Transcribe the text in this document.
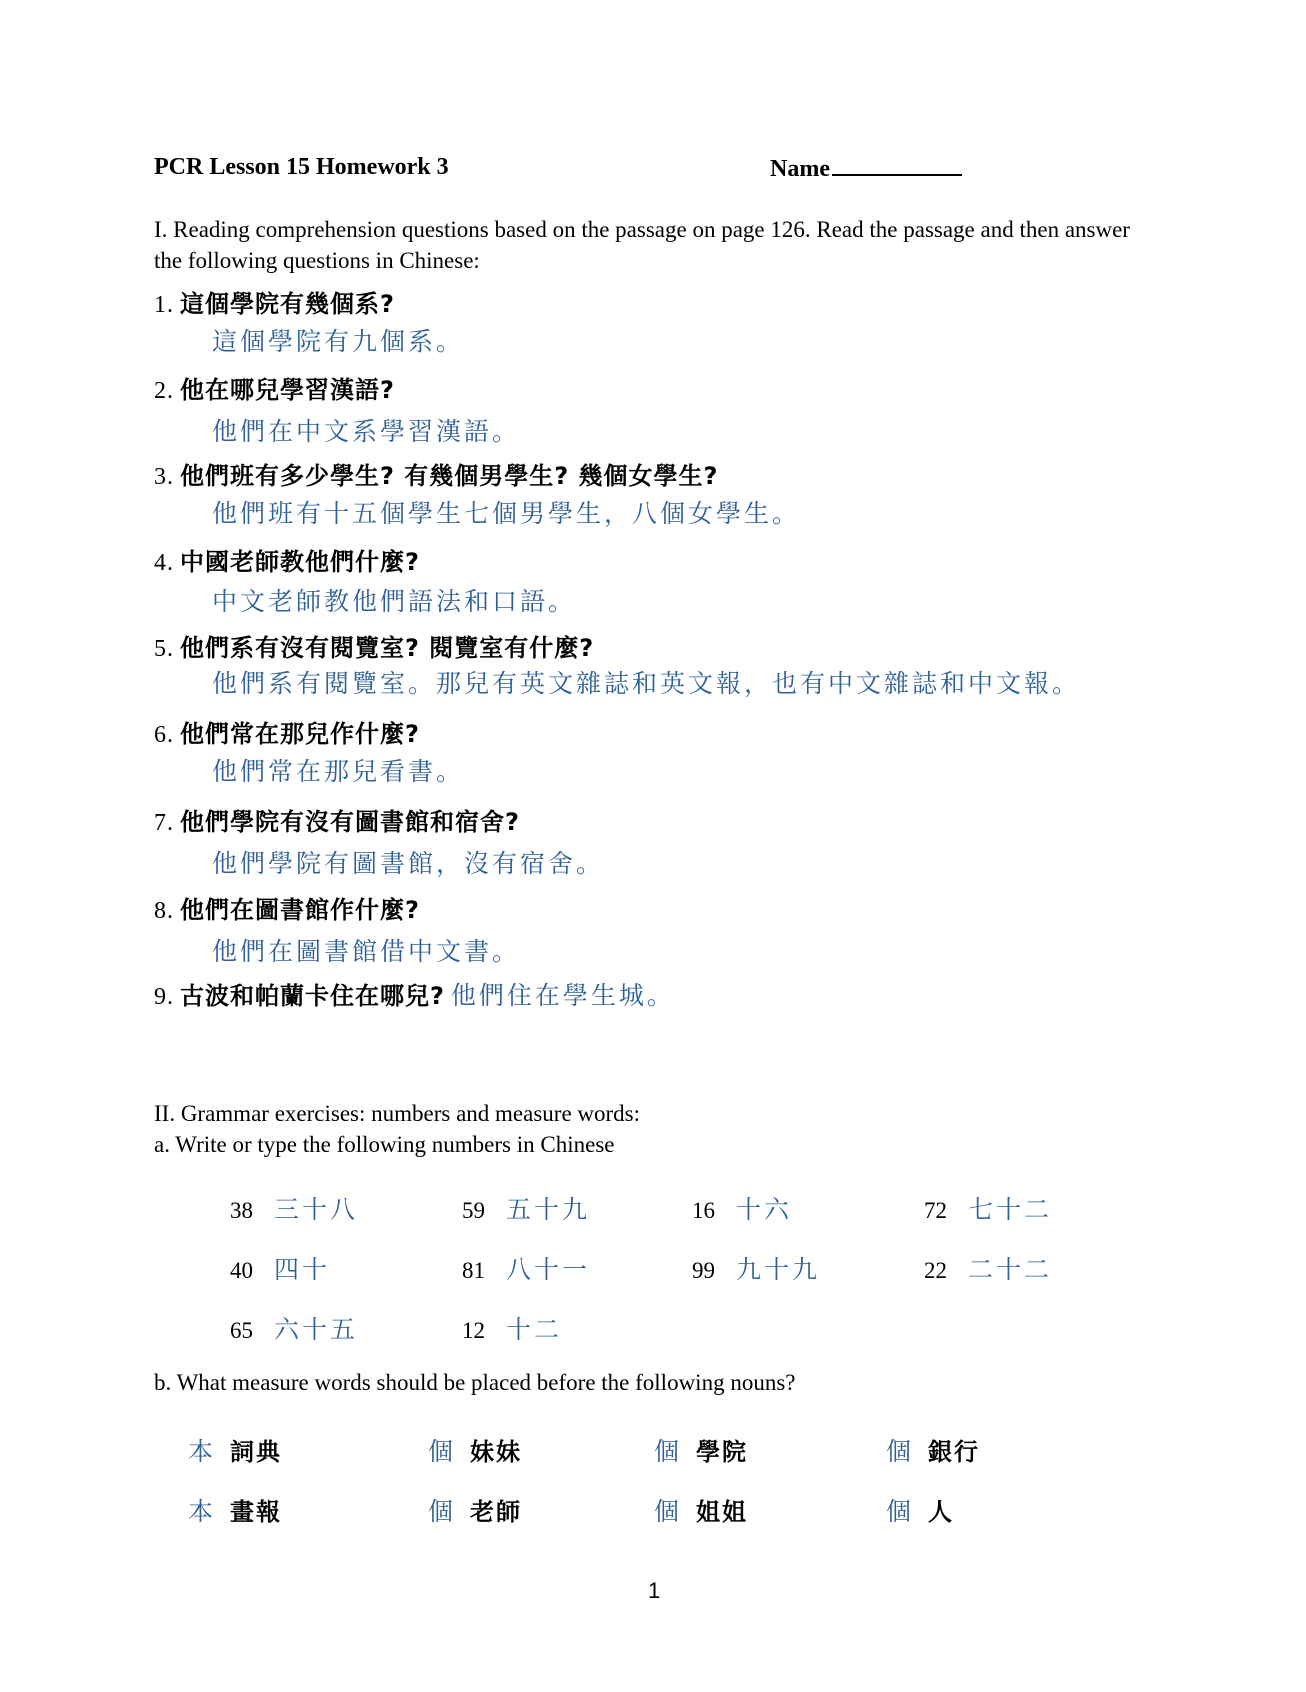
PCR Lesson 15 Homework 3	Name
I. Reading comprehension questions based on the passage on page 126. Read the passage and then answer the following questions in Chinese:
1. 這個學院有幾個系?
這個學院有九個系。
2. 他在哪兒學習漢語?
他們在中文系學習漢語。
3. 他們班有多少學生? 有幾個男學生? 幾個女學生?
他們班有十五個學生七個男學生，八個女學生。
4. 中國老師教他們什麼?
中文老師教他們語法和口語。
5. 他們系有沒有閱覽室? 閱覽室有什麼?
他們系有閱覽室。那兒有英文雜誌和英文報，也有中文雜誌和中文報。
6. 他們常在那兒作什麼?
他們常在那兒看書。
7. 他們學院有沒有圖書館和宿舍?
他們學院有圖書館，沒有宿舍。
8. 他們在圖書館作什麼?
他們在圖書館借中文書。
9. 古波和帕蘭卡住在哪兒? 他們住在學生城。
II. Grammar exercises: numbers and measure words:
a. Write or type the following numbers in Chinese
38 三十八	59 五十九	16 十六	72 七十二
40 四十	81 八十一	99 九十九	22 二十二
65 六十五	12 十二
b. What measure words should be placed before the following nouns?
本 詞典	個 妹妹	個 學院	個 銀行
本 畫報	個 老師	個 姐姐	個 人
1
